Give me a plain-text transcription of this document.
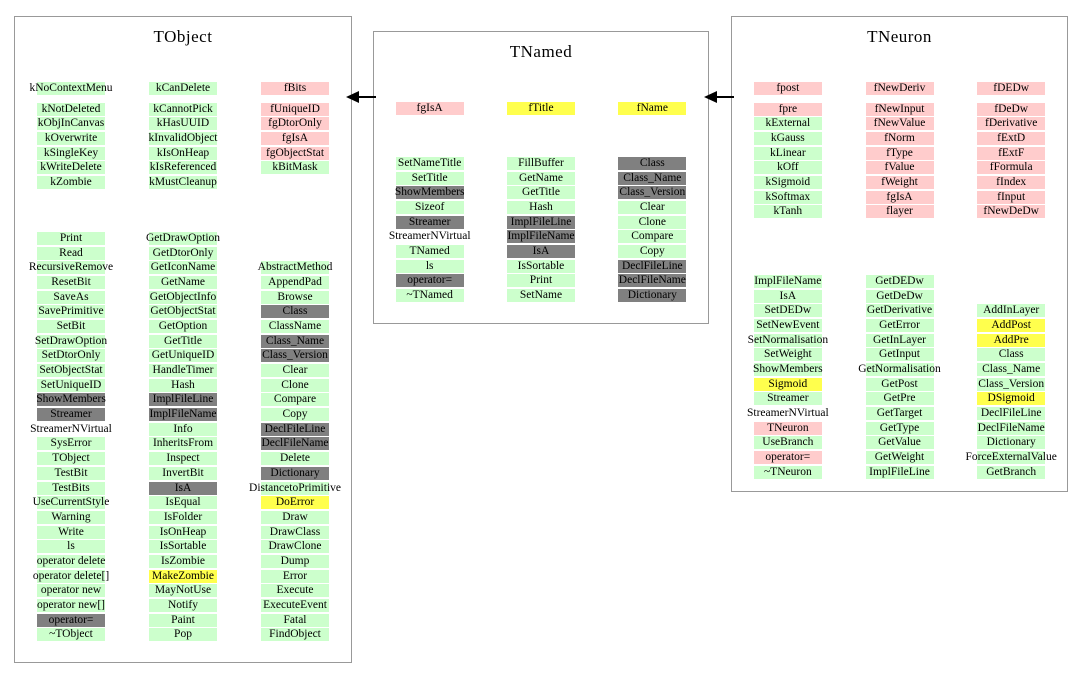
TObject
kNoContextMenu
kNotDeleted
kObjInCanvas
kOverwrite
kSingleKey
kWriteDelete
kZombie
kCanDelete
kCannotPick
kHasUUID
kInvalidObject
kIsOnHeap
kIsReferenced
kMustCleanup
fBits
fUniqueID
fgDtorOnly
fgIsA
fgObjectStat
kBitMask
Print
Read
RecursiveRemove
ResetBit
SaveAs
SavePrimitive
SetBit
SetDrawOption
SetDtorOnly
SetObjectStat
SetUniqueID
ShowMembers
Streamer
StreamerNVirtual
SysError
TObject
TestBit
TestBits
UseCurrentStyle
Warning
Write
ls
operator delete
operator delete[]
operator new
operator new[]
operator=
~TObject
GetDrawOption
GetDtorOnly
GetIconName
GetName
GetObjectInfo
GetObjectStat
GetOption
GetTitle
GetUniqueID
HandleTimer
Hash
ImplFileLine
ImplFileName
Info
InheritsFrom
Inspect
InvertBit
IsA
IsEqual
IsFolder
IsOnHeap
IsSortable
IsZombie
MakeZombie
MayNotUse
Notify
Paint
Pop
AbstractMethod
AppendPad
Browse
Class
ClassName
Class_Name
Class_Version
Clear
Clone
Compare
Copy
DeclFileLine
DeclFileName
Delete
Dictionary
DistancetoPrimitive
DoError
Draw
DrawClass
DrawClone
Dump
Error
Execute
ExecuteEvent
Fatal
FindObject
TNamed
fgIsA	fTitle	fName
SetNameTitle
SetTitle
ShowMembers
Sizeof
Streamer
StreamerNVirtual
TNamed
ls
operator=
~TNamed
FillBuffer
GetName
GetTitle
Hash
ImplFileLine
ImplFileName
IsA
IsSortable
Print
SetName
Class
Class_Name
Class_Version
Clear
Clone
Compare
Copy
DeclFileLine
DeclFileName
Dictionary
TNeuron
fpost
fpre
kExternal
kGauss
kLinear
kOff
kSigmoid
kSoftmax
kTanh
fNewDeriv
fNewInput
fNewValue
fNorm
fType
fValue
fWeight
fgIsA
flayer
fDEDw
fDeDw
fDerivative
fExtD
fExtF
fFormula
fIndex
fInput
fNewDeDw
ImplFileName
IsA
SetDEDw
SetNewEvent
SetNormalisation
SetWeight
ShowMembers
Sigmoid
Streamer
StreamerNVirtual
TNeuron
UseBranch
operator=
~TNeuron
GetDEDw
GetDeDw
GetDerivative
GetError
GetInLayer
GetInput
GetNormalisation
GetPost
GetPre
GetTarget
GetType
GetValue
GetWeight
ImplFileLine
AddInLayer
AddPost
AddPre
Class
Class_Name
Class_Version
DSigmoid
DeclFileLine
DeclFileName
Dictionary
ForceExternalValue
GetBranch
